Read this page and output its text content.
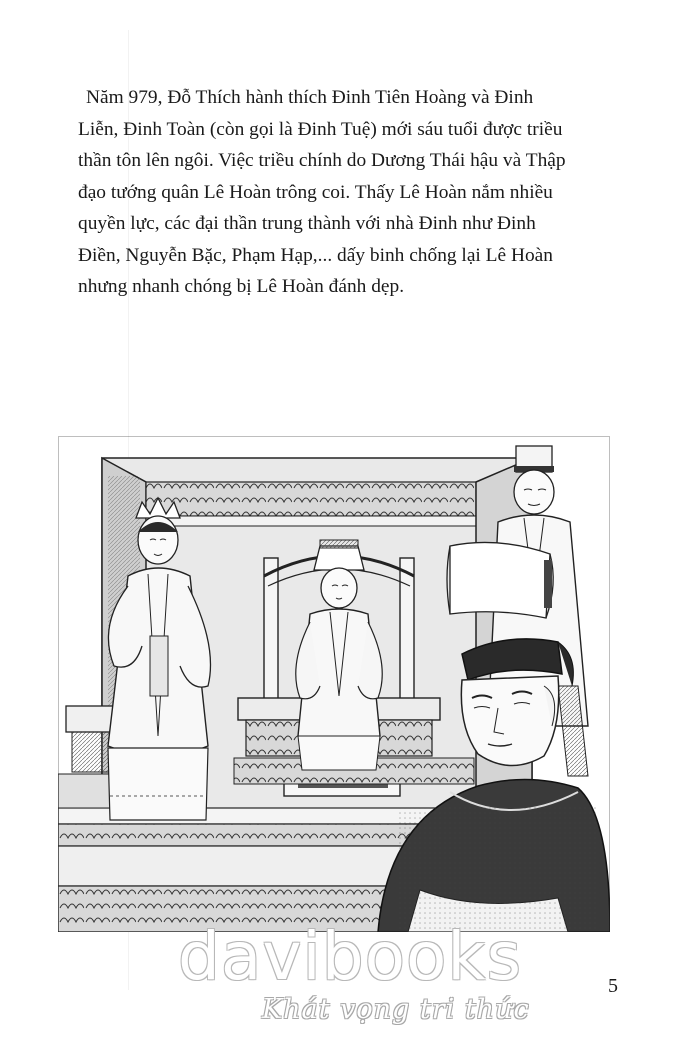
Năm 979, Đỗ Thích hành thích Đinh Tiên Hoàng và Đinh
Liễn, Đinh Toàn (còn gọi là Đinh Tuệ) mới sáu tuổi được triều
thần tôn lên ngôi. Việc triều chính do Dương Thái hậu và Thập
đạo tướng quân Lê Hoàn trông coi. Thấy Lê Hoàn nắm nhiều
quyền lực, các đại thần trung thành với nhà Đinh như Đinh
Điền, Nguyễn Bặc, Phạm Hạp,... dấy binh chống lại Lê Hoàn
nhưng nhanh chóng bị Lê Hoàn đánh dẹp.

davibooks
Khát vọng tri thức
5
